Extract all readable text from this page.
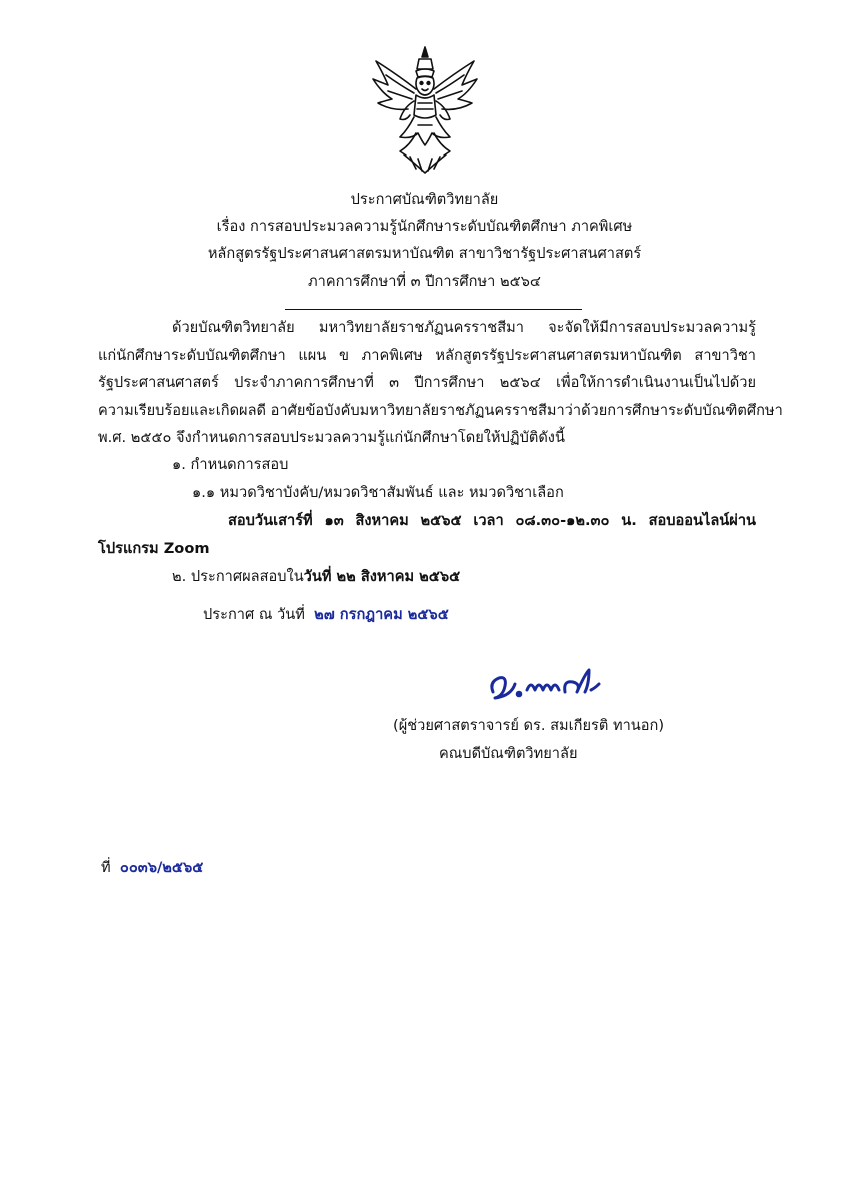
ประกาศบัณฑิตวิทยาลัย
เรื่อง การสอบประมวลความรู้นักศึกษาระดับบัณฑิตศึกษา ภาคพิเศษ
หลักสูตรรัฐประศาสนศาสตรมหาบัณฑิต สาขาวิชารัฐประศาสนศาสตร์
ภาคการศึกษาที่ ๓ ปีการศึกษา ๒๕๖๔
ด้วยบัณฑิตวิทยาลัย มหาวิทยาลัยราชภัฏนครราชสีมา จะจัดให้มีการสอบประมวลความรู้
แก่นักศึกษาระดับบัณฑิตศึกษา แผน ข ภาคพิเศษ หลักสูตรรัฐประศาสนศาสตรมหาบัณฑิต สาขาวิชา
รัฐประศาสนศาสตร์ ประจำภาคการศึกษาที่ ๓ ปีการศึกษา ๒๕๖๔ เพื่อให้การดำเนินงานเป็นไปด้วย
ความเรียบร้อยและเกิดผลดี อาศัยข้อบังคับมหาวิทยาลัยราชภัฏนครราชสีมาว่าด้วยการศึกษาระดับบัณฑิตศึกษา
พ.ศ. ๒๕๕๐ จึงกำหนดการสอบประมวลความรู้แก่นักศึกษาโดยให้ปฏิบัติดังนี้
๑. กำหนดการสอบ
๑.๑ หมวดวิชาบังคับ/หมวดวิชาสัมพันธ์ และ หมวดวิชาเลือก
สอบวันเสาร์ที่ ๑๓ สิงหาคม ๒๕๖๕ เวลา ๐๘.๓๐-๑๒.๓๐ น. สอบออนไลน์ผ่าน
โปรแกรม Zoom
๒. ประกาศผลสอบในวันที่ ๒๒ สิงหาคม ๒๕๖๕
ประกาศ ณ วันที่ ๒๗ กรกฎาคม ๒๕๖๕
(ผู้ช่วยศาสตราจารย์ ดร. สมเกียรติ ทานอก)
คณบดีบัณฑิตวิทยาลัย
ที่ ๐๐๓๖/๒๕๖๕
